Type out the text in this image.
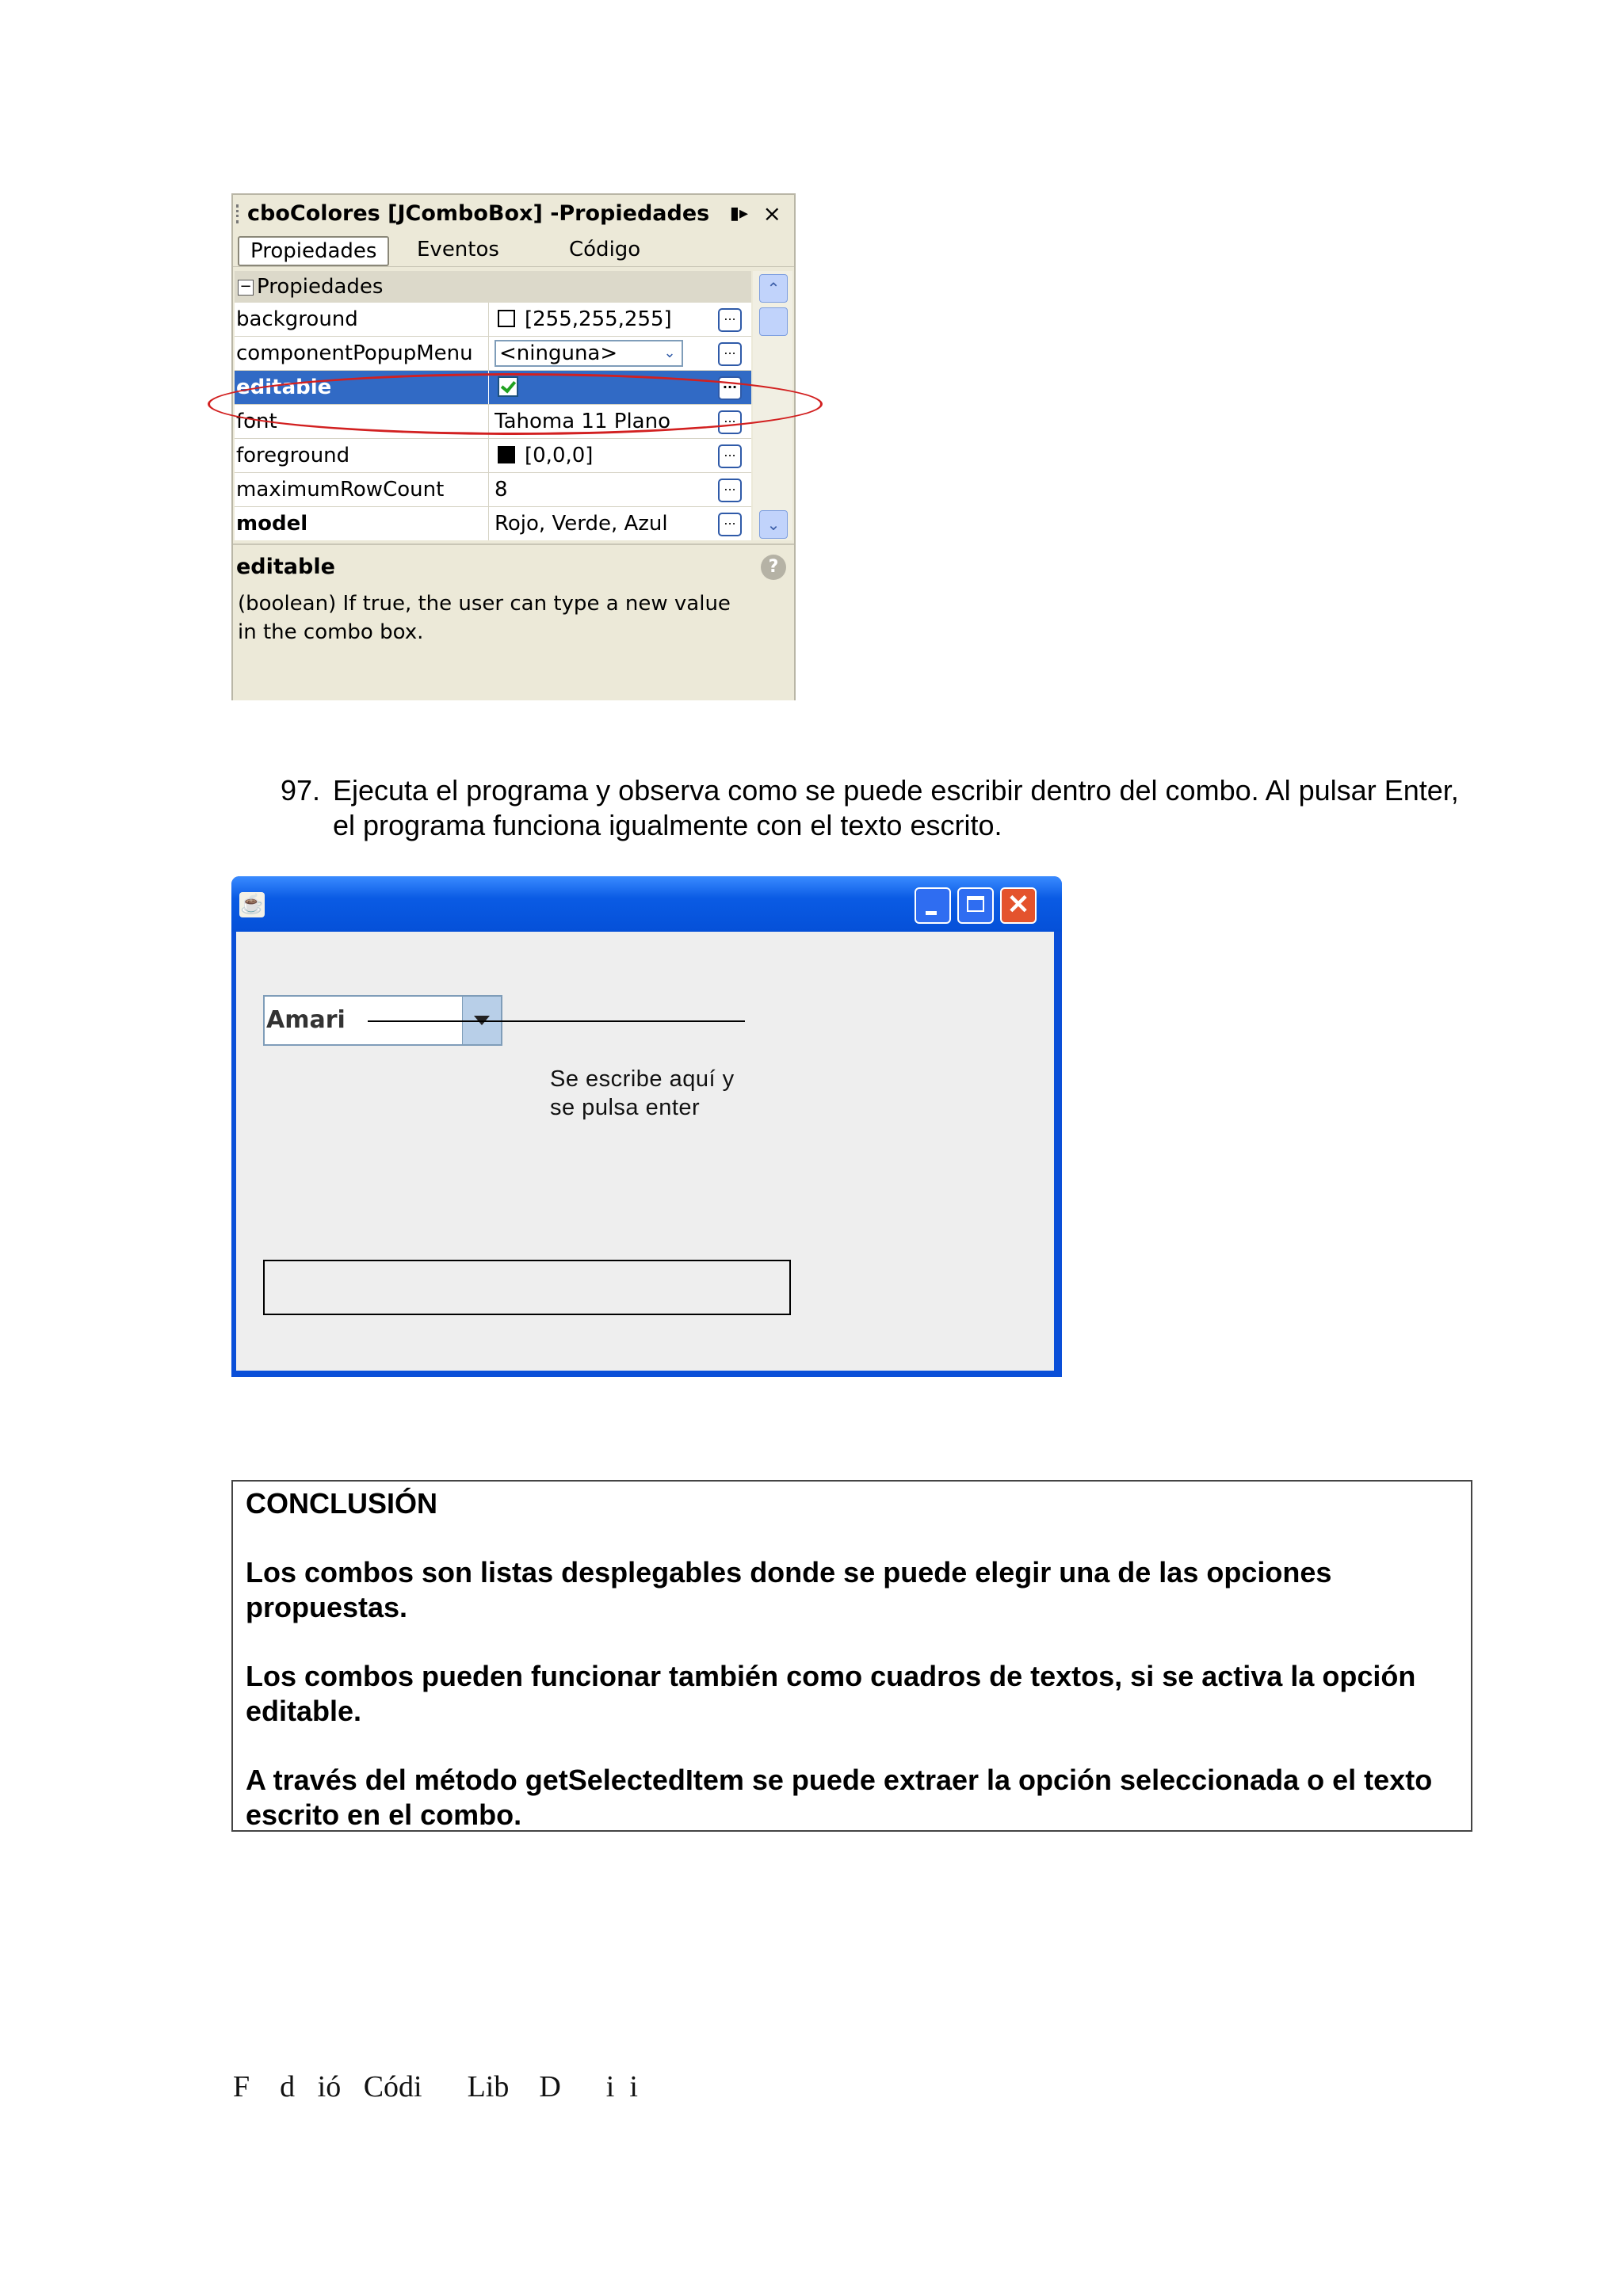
cboColores [JComboBox] -Propiedades	▮▸ ×
Propiedades	Eventos	Código
− Propiedades
background	[255,255,255]	...
componentPopupMenu	<ninguna>	⌄	...
editable	...
font	Tahoma 11 Plano	...
foreground	[0,0,0]	...
maximumRowCount	8	...
model	Rojo, Verde, Azul	...
⌃
⌄
editable	?
(boolean) If true, the user can type a new value in the combo box.
97. Ejecuta el programa y observa como se puede escribir dentro del combo. Al pulsar Enter, el programa funciona igualmente con el texto escrito.
☕	✕
Amari
Se escribe aquí y
se pulsa enter

CONCLUSIÓN

Los combos son listas desplegables donde se puede elegir una de las opciones propuestas.

Los combos pueden funcionar también como cuadros de textos, si se activa la opción editable.

A través del método getSelectedItem se puede extraer la opción seleccionada o el texto escrito en el combo.

F    d   ió   Códi      Lib    D      i  i
